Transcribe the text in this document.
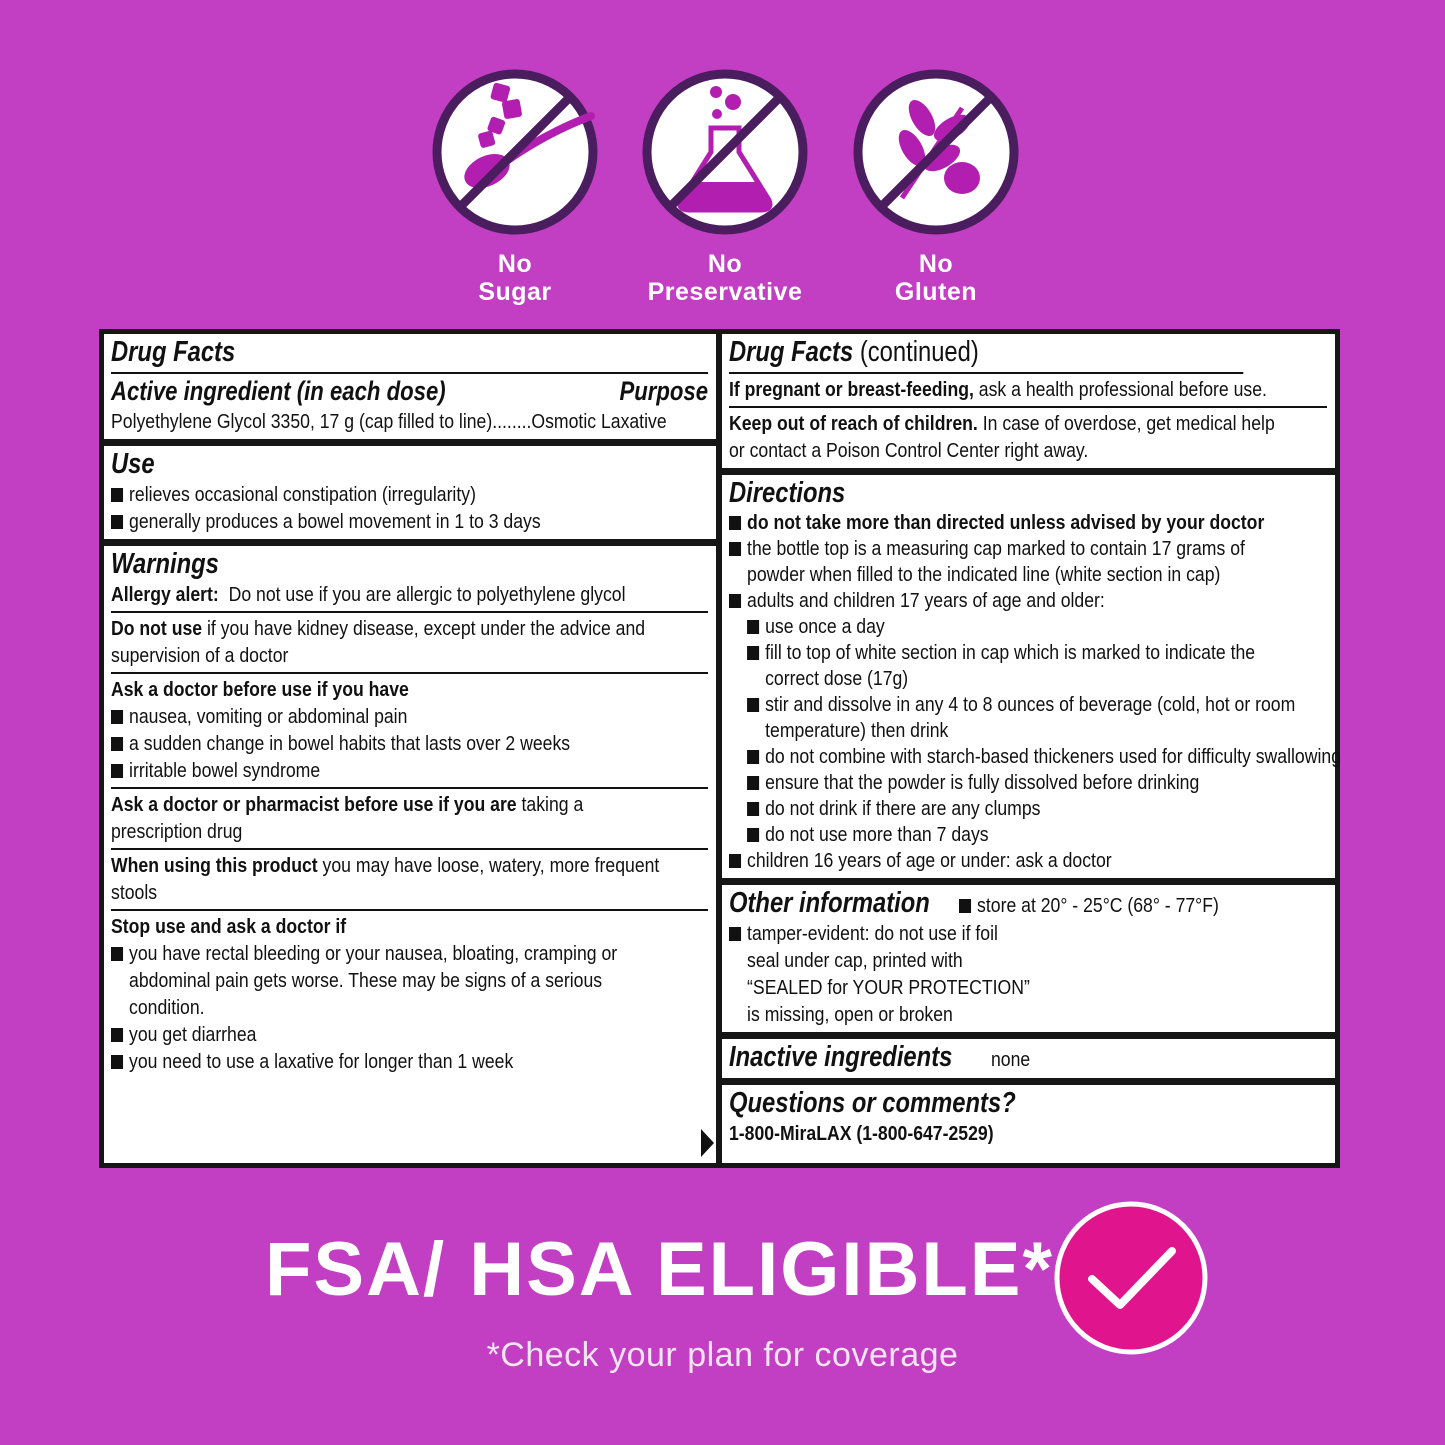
No
Sugar
No
Preservative
No
Gluten
Drug Facts
Active ingredient (in each dose)	Purpose
Polyethylene Glycol 3350, 17 g (cap filled to line)........Osmotic Laxative
Use
relieves occasional constipation (irregularity)
generally produces a bowel movement in 1 to 3 days
Warnings
Allergy alert: Do not use if you are allergic to polyethylene glycol
Do not use if you have kidney disease, except under the advice and
supervision of a doctor
Ask a doctor before use if you have
nausea, vomiting or abdominal pain
a sudden change in bowel habits that lasts over 2 weeks
irritable bowel syndrome
Ask a doctor or pharmacist before use if you are taking a
prescription drug
When using this product you may have loose, watery, more frequent
stools
Stop use and ask a doctor if
you have rectal bleeding or your nausea, bloating, cramping or
abdominal pain gets worse. These may be signs of a serious
condition.
you get diarrhea
you need to use a laxative for longer than 1 week
Drug Facts (continued)
If pregnant or breast-feeding, ask a health professional before use.
Keep out of reach of children. In case of overdose, get medical help
or contact a Poison Control Center right away.
Directions
do not take more than directed unless advised by your doctor
the bottle top is a measuring cap marked to contain 17 grams of
powder when filled to the indicated line (white section in cap)
adults and children 17 years of age and older:
use once a day
fill to top of white section in cap which is marked to indicate the
correct dose (17g)
stir and dissolve in any 4 to 8 ounces of beverage (cold, hot or room
temperature) then drink
do not combine with starch-based thickeners used for difficulty swallowing
ensure that the powder is fully dissolved before drinking
do not drink if there are any clumps
do not use more than 7 days
children 16 years of age or under: ask a doctor
Other information	store at 20° - 25°C (68° - 77°F)
tamper-evident: do not use if foil
seal under cap, printed with
“SEALED for YOUR PROTECTION”
is missing, open or broken
Inactive ingredients none
Questions or comments?
1-800-MiraLAX (1-800-647-2529)
FSA/ HSA ELIGIBLE*
*Check your plan for coverage
